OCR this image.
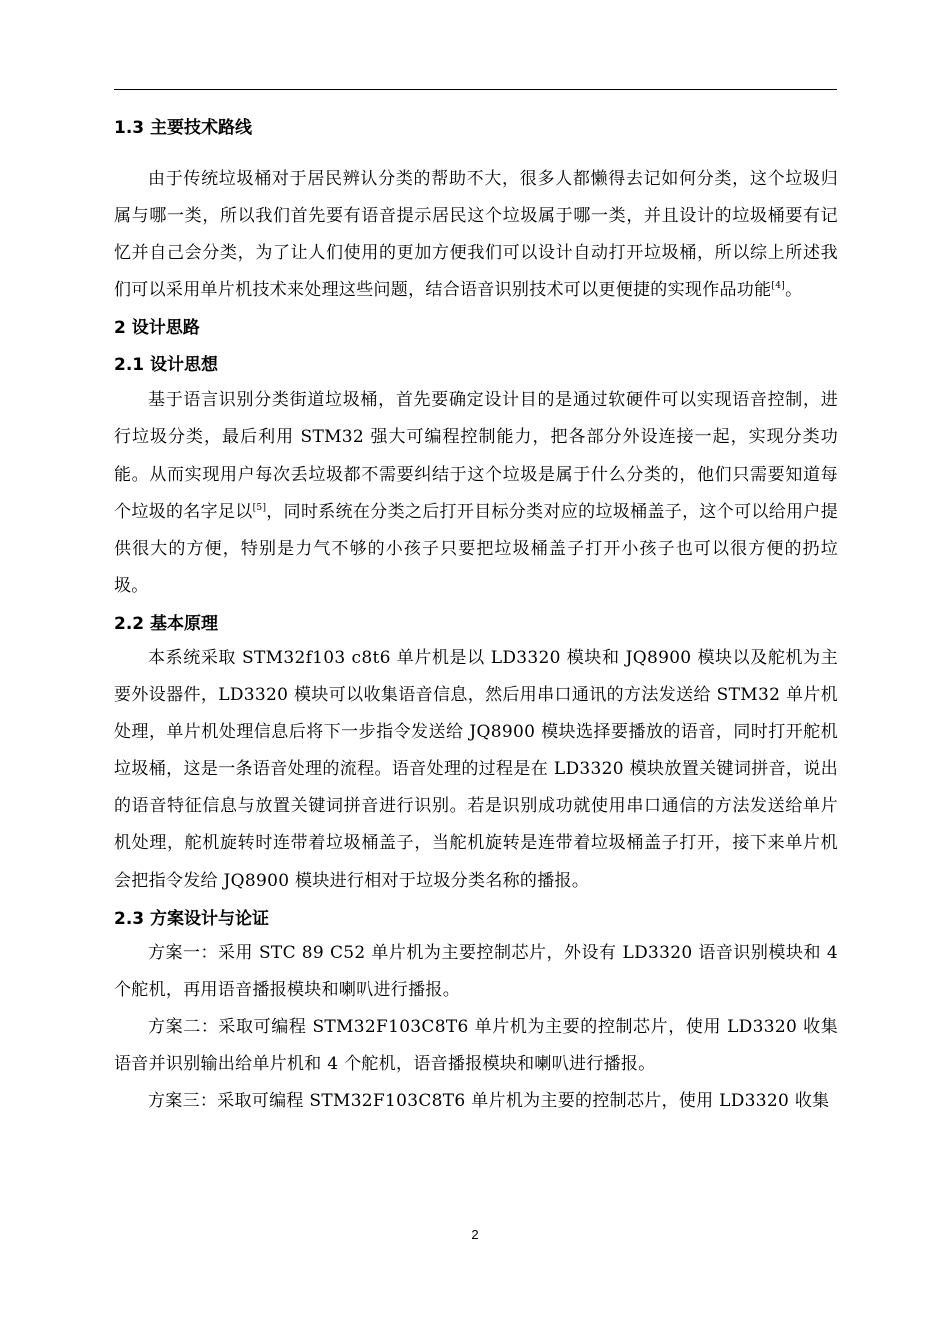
1.3 主要技术路线

由于传统垃圾桶对于居民辨认分类的帮助不大，很多人都懒得去记如何分类，这个垃圾归属与哪一类，所以我们首先要有语音提示居民这个垃圾属于哪一类，并且设计的垃圾桶要有记忆并自己会分类，为了让人们使用的更加方便我们可以设计自动打开垃圾桶，所以综上所述我们可以采用单片机技术来处理这些问题，结合语音识别技术可以更便捷的实现作品功能[4]。

2 设计思路
2.1 设计思想

基于语言识别分类街道垃圾桶，首先要确定设计目的是通过软硬件可以实现语音控制，进行垃圾分类，最后利用 STM32 强大可编程控制能力，把各部分外设连接一起，实现分类功能。从而实现用户每次丢垃圾都不需要纠结于这个垃圾是属于什么分类的，他们只需要知道每个垃圾的名字足以[5]，同时系统在分类之后打开目标分类对应的垃圾桶盖子，这个可以给用户提供很大的方便，特别是力气不够的小孩子只要把垃圾桶盖子打开小孩子也可以很方便的扔垃圾。

2.2 基本原理

本系统采取 STM32f103 c8t6 单片机是以 LD3320 模块和 JQ8900 模块以及舵机为主要外设器件，LD3320 模块可以收集语音信息，然后用串口通讯的方法发送给 STM32 单片机处理，单片机处理信息后将下一步指令发送给 JQ8900 模块选择要播放的语音，同时打开舵机垃圾桶，这是一条语音处理的流程。语音处理的过程是在 LD3320 模块放置关键词拼音，说出的语音特征信息与放置关键词拼音进行识别。若是识别成功就使用串口通信的方法发送给单片机处理，舵机旋转时连带着垃圾桶盖子，当舵机旋转是连带着垃圾桶盖子打开，接下来单片机会把指令发给 JQ8900 模块进行相对于垃圾分类名称的播报。

2.3 方案设计与论证

方案一：采用 STC 89 C52 单片机为主要控制芯片，外设有 LD3320 语音识别模块和 4 个舵机，再用语音播报模块和喇叭进行播报。

方案二：采取可编程 STM32F103C8T6 单片机为主要的控制芯片，使用 LD3320 收集语音并识别输出给单片机和 4 个舵机，语音播报模块和喇叭进行播报。

方案三：采取可编程 STM32F103C8T6 单片机为主要的控制芯片，使用 LD3320 收集

2
